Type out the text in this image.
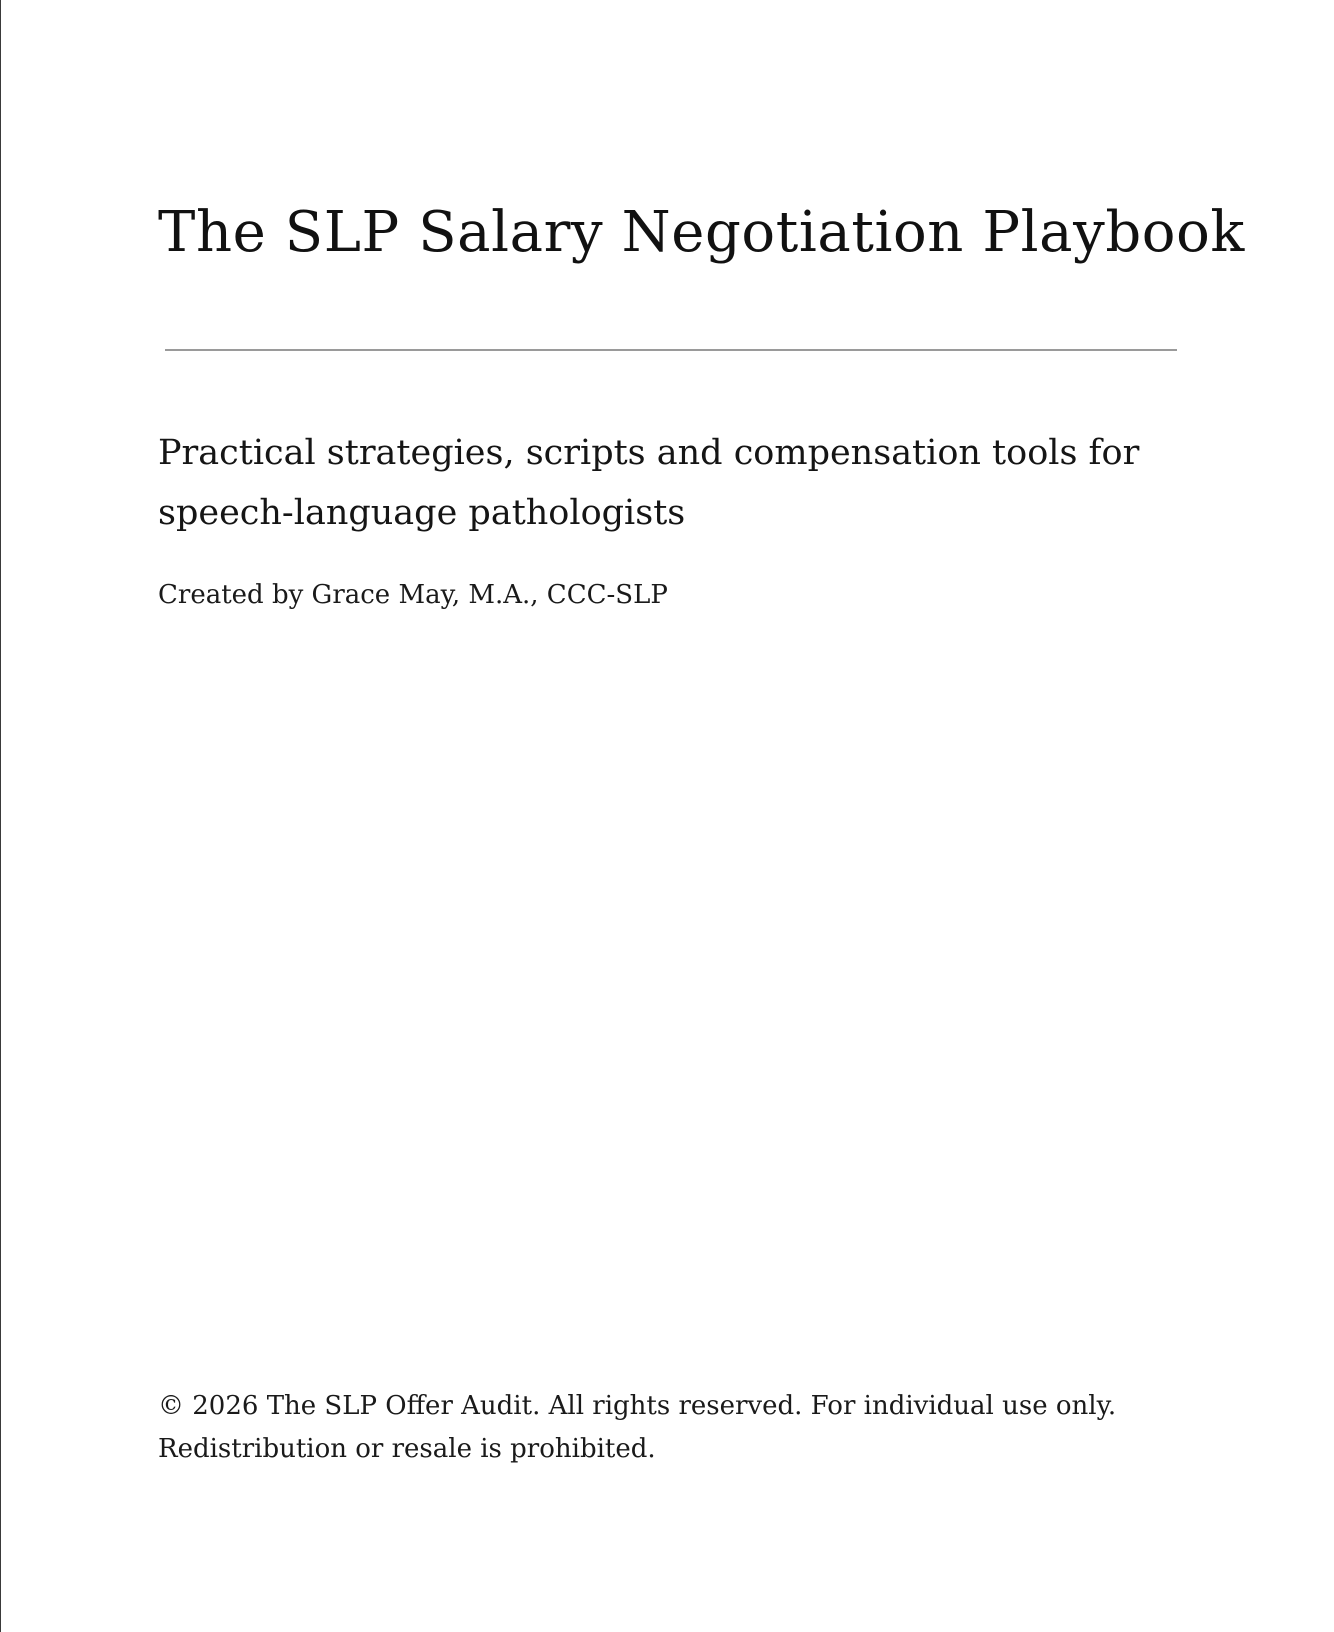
The SLP Salary Negotiation Playbook

Practical strategies, scripts and compensation tools for speech-language pathologists

Created by Grace May, M.A., CCC-SLP

© 2026 The SLP Offer Audit. All rights reserved. For individual use only.
Redistribution or resale is prohibited.
